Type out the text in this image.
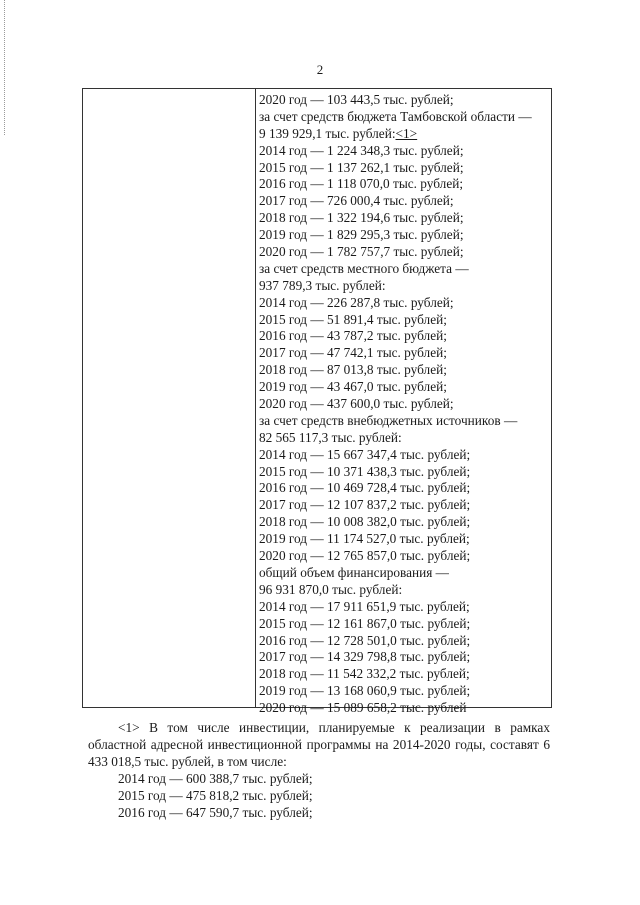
2
2020 год — 103 443,5 тыс. рублей;
за счет средств бюджета Тамбовской области —
9 139 929,1 тыс. рублей:<1>
2014 год — 1 224 348,3 тыс. рублей;
2015 год — 1 137 262,1 тыс. рублей;
2016 год — 1 118 070,0 тыс. рублей;
2017 год — 726 000,4 тыс. рублей;
2018 год — 1 322 194,6 тыс. рублей;
2019 год — 1 829 295,3 тыс. рублей;
2020 год — 1 782 757,7 тыс. рублей;
за счет средств местного бюджета —
937 789,3 тыс. рублей:
2014 год — 226 287,8 тыс. рублей;
2015 год — 51 891,4 тыс. рублей;
2016 год — 43 787,2 тыс. рублей;
2017 год — 47 742,1 тыс. рублей;
2018 год — 87 013,8 тыс. рублей;
2019 год — 43 467,0 тыс. рублей;
2020 год — 437 600,0 тыс. рублей;
за счет средств внебюджетных источников —
82 565 117,3 тыс. рублей:
2014 год — 15 667 347,4 тыс. рублей;
2015 год — 10 371 438,3 тыс. рублей;
2016 год — 10 469 728,4 тыс. рублей;
2017 год — 12 107 837,2 тыс. рублей;
2018 год — 10 008 382,0 тыс. рублей;
2019 год — 11 174 527,0 тыс. рублей;
2020 год — 12 765 857,0 тыс. рублей;
общий объем финансирования —
96 931 870,0 тыс. рублей:
2014 год — 17 911 651,9 тыс. рублей;
2015 год — 12 161 867,0 тыс. рублей;
2016 год — 12 728 501,0 тыс. рублей;
2017 год — 14 329 798,8 тыс. рублей;
2018 год — 11 542 332,2 тыс. рублей;
2019 год — 13 168 060,9 тыс. рублей;
2020 год — 15 089 658,2 тыс. рублей

<1> В том числе инвестиции, планируемые к реализации в рамках областной адресной инвестиционной программы на 2014-2020 годы, составят 6 433 018,5 тыс. рублей, в том числе:

2014 год — 600 388,7 тыс. рублей;

2015 год — 475 818,2 тыс. рублей;

2016 год — 647 590,7 тыс. рублей;
